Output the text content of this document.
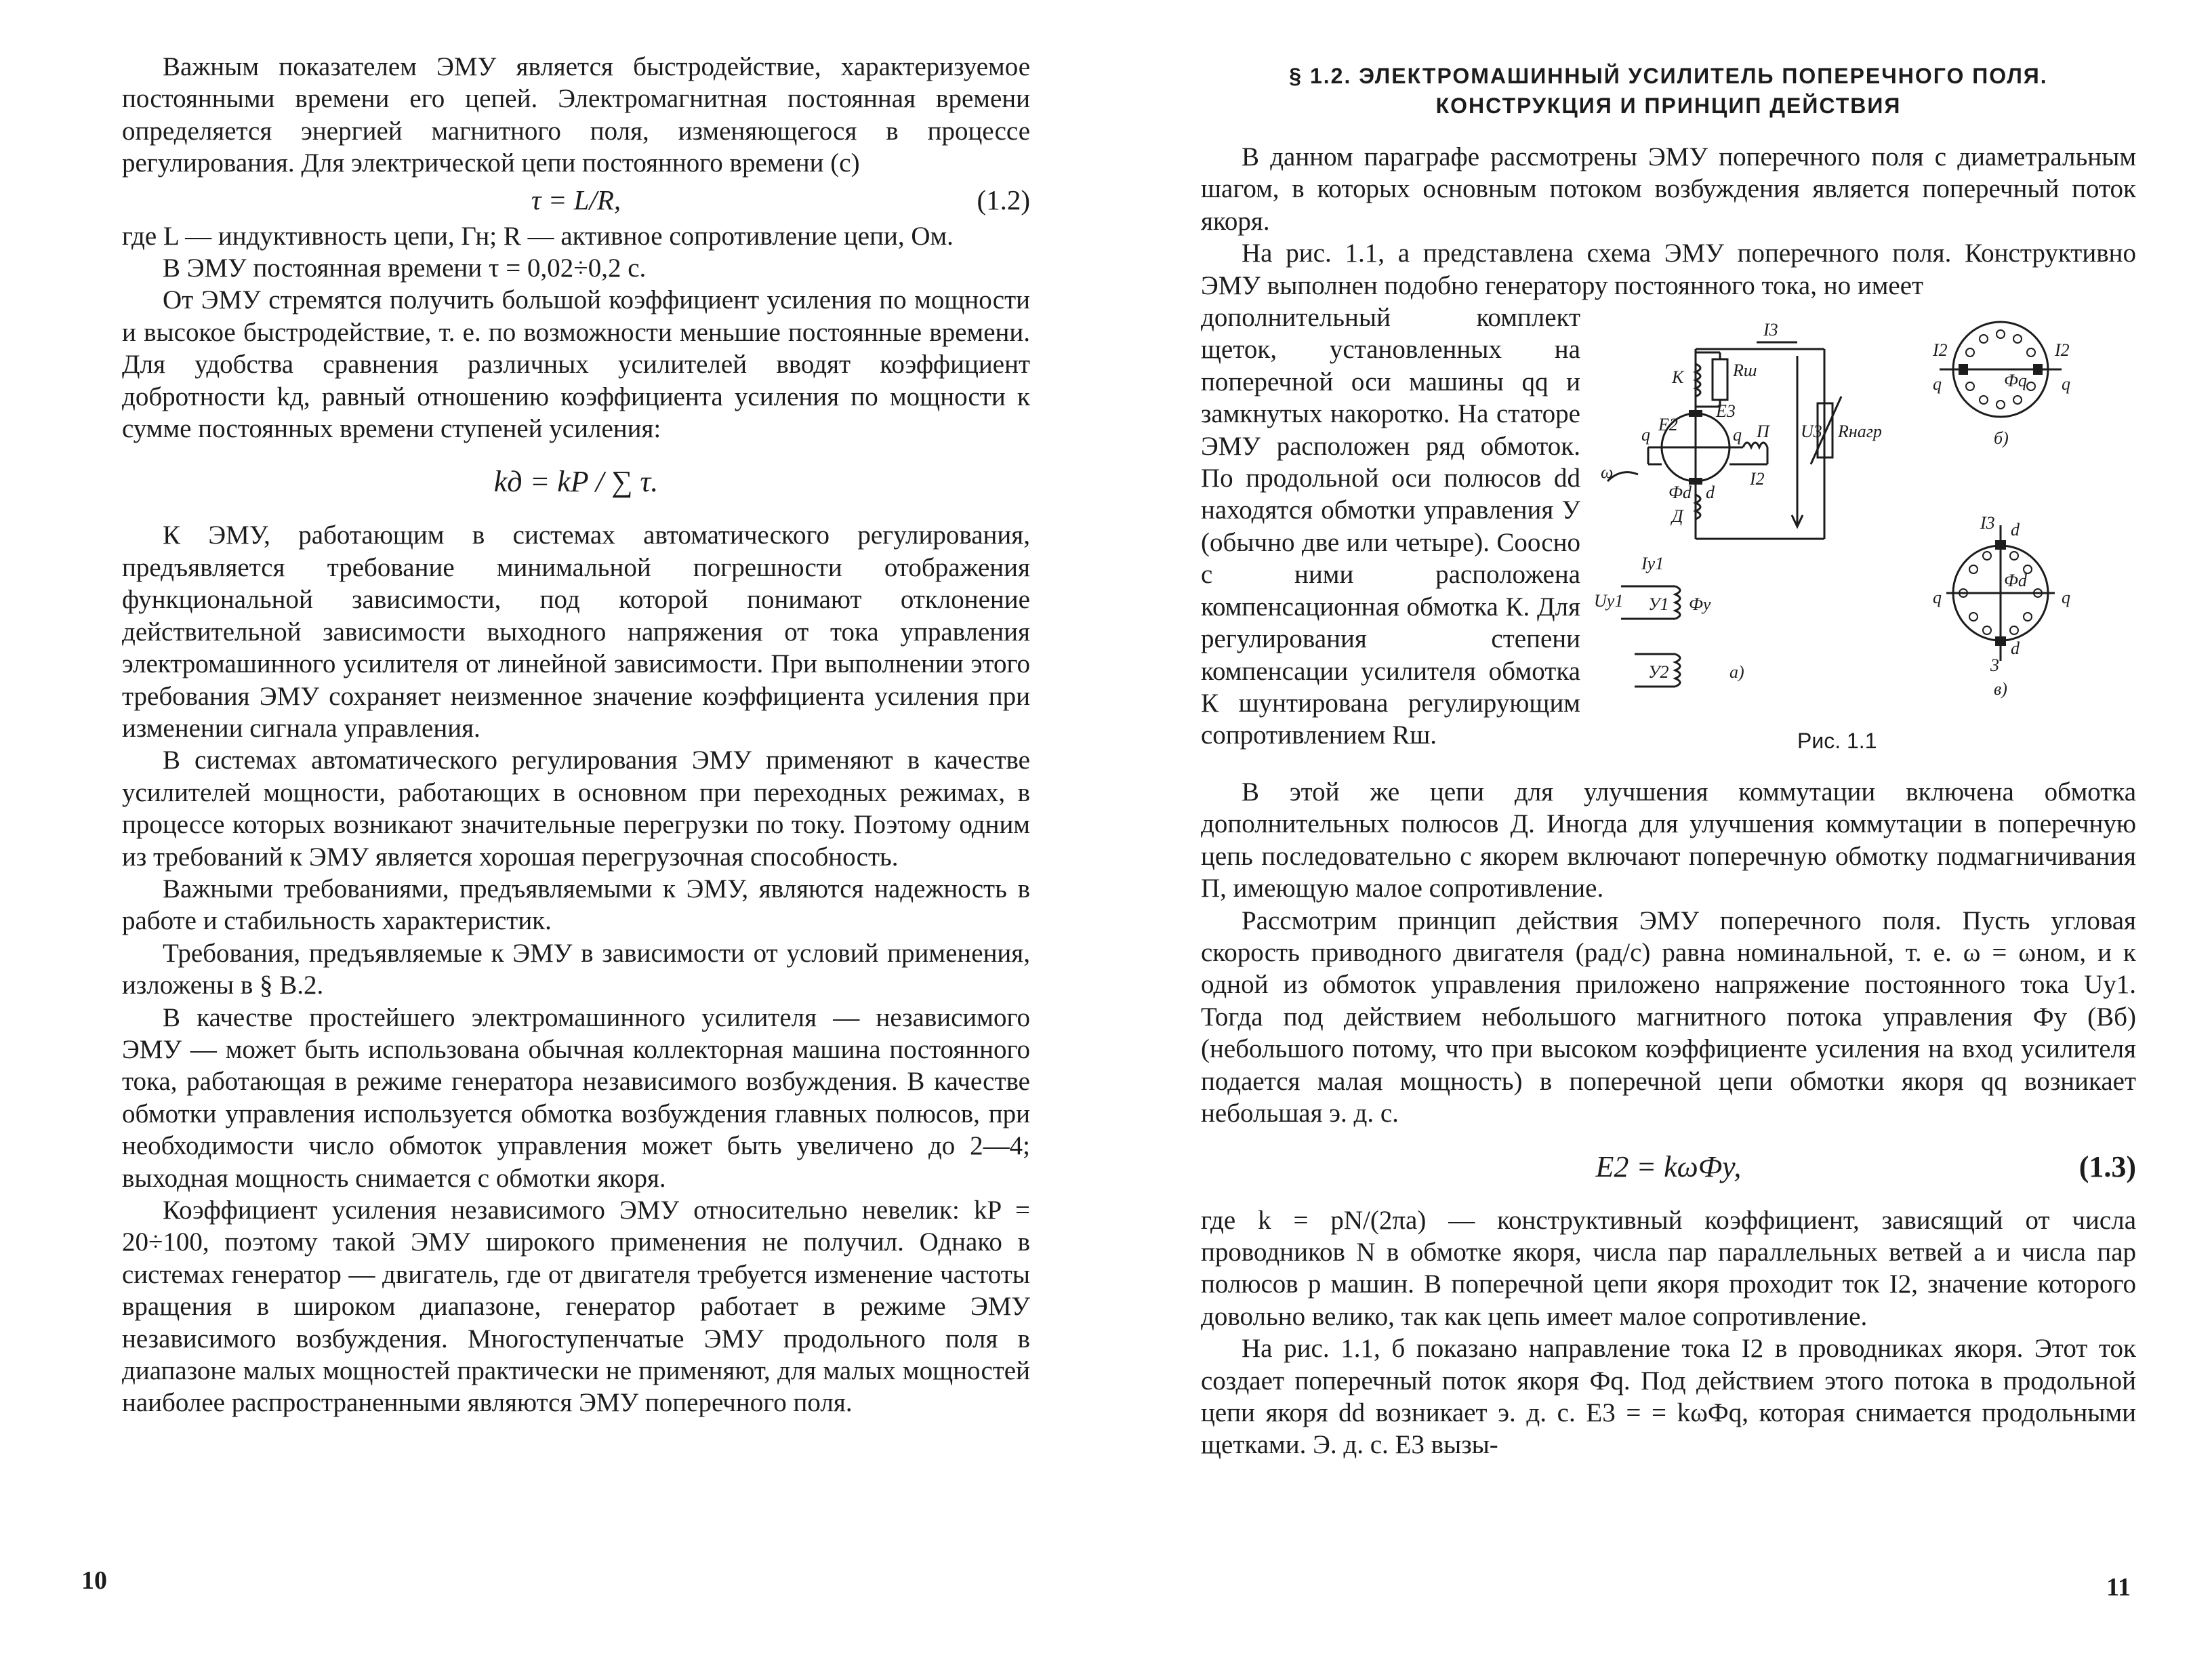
Важным показателем ЭМУ является быстродействие, характеризуемое постоянными времени его цепей. Электромагнитная постоянная времени определяется энергией магнитного поля, изменяющегося в процессе регулирования. Для электрической цепи постоянного времени (с)

τ = L/R,	(1.2)

где L — индуктивность цепи, Гн; R — активное сопротивление цепи, Ом.

В ЭМУ постоянная времени τ = 0,02÷0,2 с.

От ЭМУ стремятся получить большой коэффициент усиления по мощности и высокое быстродействие, т. е. по возможности меньшие постоянные времени. Для удобства сравнения различных усилителей вводят коэффициент добротности kд, равный отношению коэффициента усиления по мощности к сумме постоянных времени ступеней усиления:

kд = kP / ∑ τ.

К ЭМУ, работающим в системах автоматического регулирования, предъявляется требование минимальной погрешности отображения функциональной зависимости, под которой понимают отклонение действительной зависимости выходного напряжения от тока управления электромашинного усилителя от линейной зависимости. При выполнении этого требования ЭМУ сохраняет неизменное значение коэффициента усиления при изменении сигнала управления.

В системах автоматического регулирования ЭМУ применяют в качестве усилителей мощности, работающих в основном при переходных режимах, в процессе которых возникают значительные перегрузки по току. Поэтому одним из требований к ЭМУ является хорошая перегрузочная способность.

Важными требованиями, предъявляемыми к ЭМУ, являются надежность в работе и стабильность характеристик.

Требования, предъявляемые к ЭМУ в зависимости от условий применения, изложены в § В.2.

В качестве простейшего электромашинного усилителя — независимого ЭМУ — может быть использована обычная коллекторная машина постоянного тока, работающая в режиме генератора независимого возбуждения. В качестве обмотки управления используется обмотка возбуждения главных полюсов, при необходимости число обмоток управления может быть увеличено до 2—4; выходная мощность снимается с обмотки якоря.

Коэффициент усиления независимого ЭМУ относительно невелик: kP = 20÷100, поэтому такой ЭМУ широкого применения не получил. Однако в системах генератор — двигатель, где от двигателя требуется изменение частоты вращения в широком диапазоне, генератор работает в режиме ЭМУ независимого возбуждения. Многоступенчатые ЭМУ продольного поля в диапазоне малых мощностей практически не применяют, для малых мощностей наиболее распространенными являются ЭМУ поперечного поля.

10
§ 1.2. ЭЛЕКТРОМАШИННЫЙ УСИЛИТЕЛЬ ПОПЕРЕЧНОГО ПОЛЯ.
КОНСТРУКЦИЯ И ПРИНЦИП ДЕЙСТВИЯ

В данном параграфе рассмотрены ЭМУ поперечного поля с диаметральным шагом, в которых основным потоком возбуждения является поперечный поток якоря.

На рис. 1.1, а представлена схема ЭМУ поперечного поля. Конструктивно ЭМУ выполнен подобно генератору постоянного тока, но имеет

дополнительный комплект щеток, установленных на поперечной оси машины qq и замкнутых накоротко. На статоре ЭМУ расположен ряд обмоток. По продольной оси полюсов dd находятся обмотки управления У (обычно две или четыре). Соосно с ними расположена компенсационная обмотка К. Для регулирования степени компенсации усилителя обмотка К шунтирована регулирующим сопротивлением Rш.

I3
К	Rш
U3 Rнагр
E2
E3
q	q П
I2
Фd d
Д
ω
Iу1
Uу1 У1 Фу
У2	а)
I2	I2
q	q
Фq
б)
I3 d
q	q
Фd
d
3
в)
Рис. 1.1

В этой же цепи для улучшения коммутации включена обмотка дополнительных полюсов Д. Иногда для улучшения коммутации в поперечную цепь последовательно с якорем включают поперечную обмотку подмагничивания П, имеющую малое сопротивление.

Рассмотрим принцип действия ЭМУ поперечного поля. Пусть угловая скорость приводного двигателя (рад/с) равна номинальной, т. е. ω = ωном, и к одной из обмоток управления приложено напряжение постоянного тока Uу1. Тогда под действием небольшого магнитного потока управления Фу (Вб) (небольшого потому, что при высоком коэффициенте усиления на вход усилителя подается малая мощность) в поперечной цепи обмотки якоря qq возникает небольшая э. д. с.

E2 = kωФу,	(1.3)

где k = pN/(2πa) — конструктивный коэффициент, зависящий от числа проводников N в обмотке якоря, числа пар параллельных ветвей a и числа пар полюсов p машин. В поперечной цепи якоря проходит ток I2, значение которого довольно велико, так как цепь имеет малое сопротивление.

На рис. 1.1, б показано направление тока I2 в проводниках якоря. Этот ток создает поперечный поток якоря Фq. Под действием этого потока в продольной цепи якоря dd возникает э. д. с. E3 = = kωФq, которая снимается продольными щетками. Э. д. с. E3 вызы-

11
